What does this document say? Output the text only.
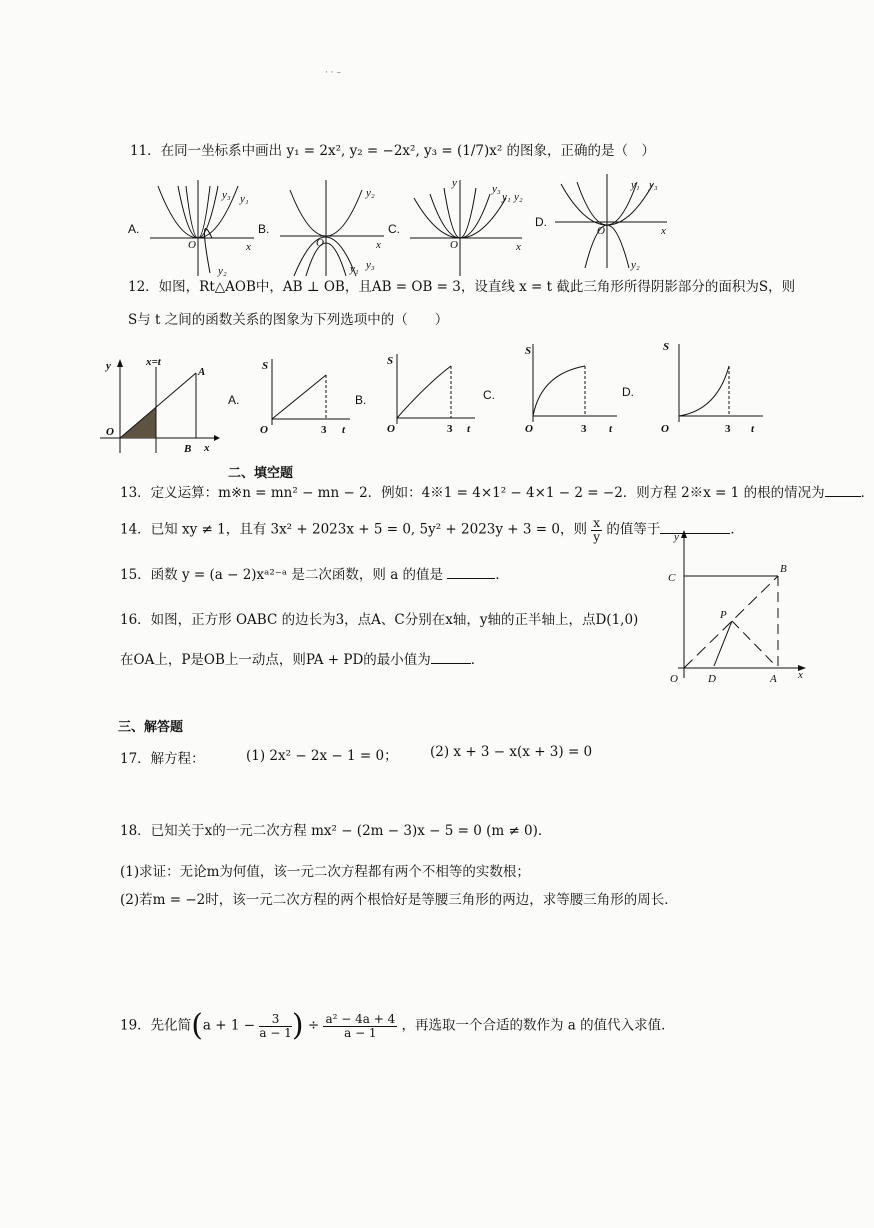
· · –
11．在同一坐标系中画出 y₁ = 2x², y₂ = −2x², y₃ = (1/7)x² 的图象，正确的是（　）
A.
y₁
y₃
y₂
O	x
B.
y₂
y₁ y₃
O	x
C.
y₃
y₁ y₂
y
O	x
D.
y₁ y₃
y₂
O	x
12．如图，Rt△AOB中，AB ⊥ OB，且AB = OB = 3，设直线 x = t 截此三角形所得阴影部分的面积为S，则
S与 t 之间的函数关系的图象为下列选项中的（　　）
y	x=t
A
O
B x
A.
S
O	3 t
B.
S
O	3 t
C.
S
O	3 t
D.
S
O	3 t
二、填空题
13．定义运算：m※n = mn² − mn − 2．例如：4※1 = 4×1² − 4×1 − 2 = −2．则方程 2※x = 1 的根的情况为	．
14．已知 xy ≠ 1，且有 3x² + 2023x + 5 = 0, 5y² + 2023y + 3 = 0，则 $\frac{x}{y}$ 的值等于	．
15．函数 y = (a − 2)xᵃ²⁻ᵃ 是二次函数，则 a 的值是	．
16．如图，正方形 OABC 的边长为3，点A、C分别在x轴，y轴的正半轴上，点D(1,0)
在OA上，P是OB上一动点，则PA + PD的最小值为	．
y
C
B
P
O	D	A x
三、解答题
17．解方程：	(1) 2x² − 2x − 1 = 0； (2) x + 3 − x(x + 3) = 0
18．已知关于x的一元二次方程 mx² − (2m − 3)x − 5 = 0 (m ≠ 0)．
(1)求证：无论m为何值，该一元二次方程都有两个不相等的实数根；
(2)若m = −2时，该一元二次方程的两个根恰好是等腰三角形的两边，求等腰三角形的周长．
19．先化简($a + 1 - \frac{3}{a - 1}$ ) ÷ $\frac{\text{a² − 4a + 4}}{a - 1}$ ，再选取一个合适的数作为 a 的值代入求值．
